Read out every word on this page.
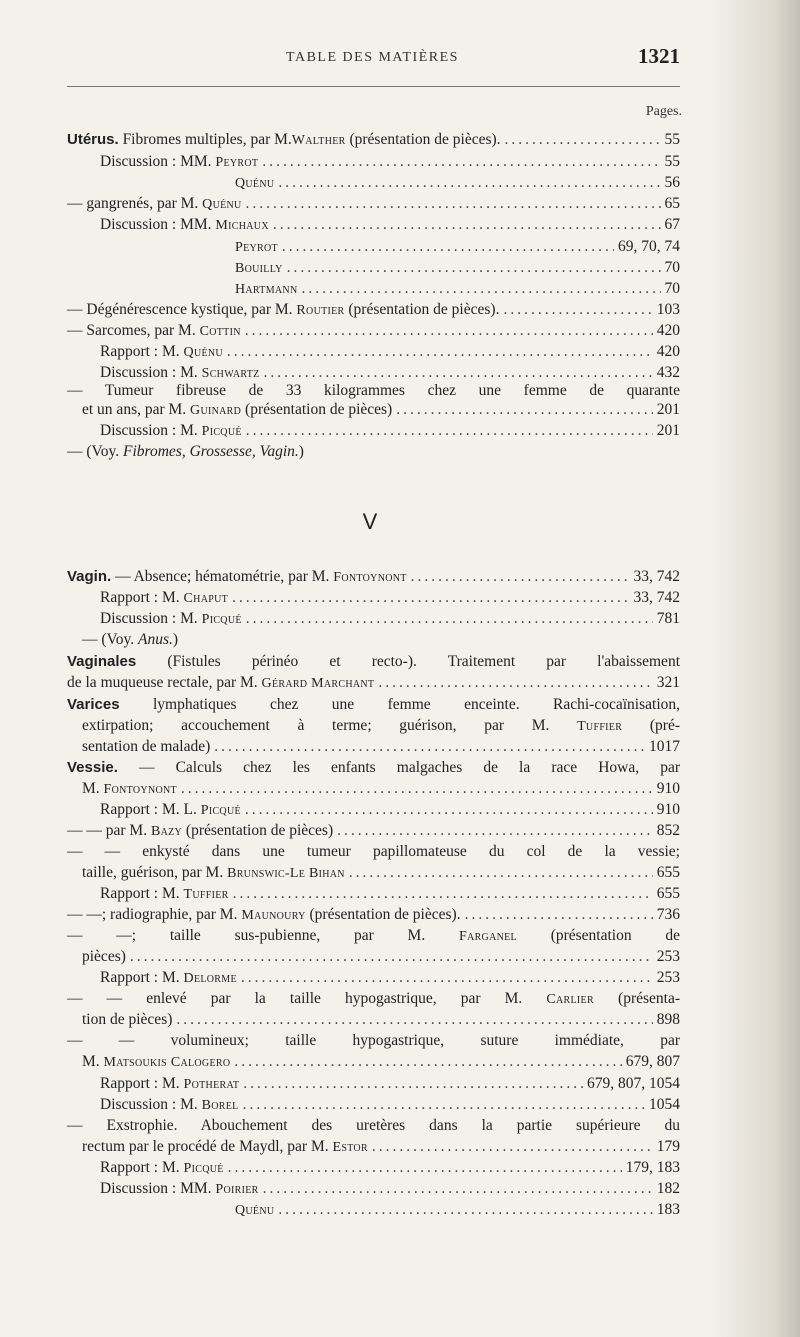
TABLE DES MATIÈRES	1321
Pages.
V
Utérus. Fibromes multiples, par M.Walther (présentation de pièces). .....	55
Discussion : MM. Peyrot .....	55
Quénu .....	56
— gangrenés, par M. Quénu .....	65
Discussion : MM. Michaux .....	67
Peyrot .....	69, 70, 74
Bouilly .....	70
Hartmann .....	70
— Dégénérescence kystique, par M. Routier (présentation de pièces). .....	103
— Sarcomes, par M. Cottin .....	420
Rapport : M. Quénu .....	420
Discussion : M. Schwartz .....	432
— Tumeur fibreuse de 33 kilogrammes chez une femme de quarante
et un ans, par M. Guinard (présentation de pièces) .....	201
Discussion : M. Picqué .....	201
— (Voy. Fibromes, Grossesse, Vagin.)
Vagin. — Absence; hématométrie, par M. Fontoynont .....	33, 742
Rapport : M. Chaput .....	33, 742
Discussion : M. Picqué .....	781
— (Voy. Anus.)
Vaginales (Fistules périnéo et recto-). Traitement par l'abaissement
de la muqueuse rectale, par M. Gérard Marchant .....	321
Varices lymphatiques chez une femme enceinte. Rachi-cocaïnisation,
extirpation; accouchement à terme; guérison, par M. Tuffier (pré-
sentation de malade) .....	1017
Vessie. — Calculs chez les enfants malgaches de la race Howa, par
M. Fontoynont .....	910
Rapport : M. L. Picqué .....	910
— — par M. Bazy (présentation de pièces) .....	852
— — enkysté dans une tumeur papillomateuse du col de la vessie;
taille, guérison, par M. Brunswic-Le Bihan .....	655
Rapport : M. Tuffier .....	655
— —; radiographie, par M. Maunoury (présentation de pièces). .....	736
— —; taille sus-pubienne, par M. Farganel (présentation de
pièces) .....	253
Rapport : M. Delorme .....	253
— — enlevé par la taille hypogastrique, par M. Carlier (présenta-
tion de pièces) .....	898
— — volumineux; taille hypogastrique, suture immédiate, par
M. Matsoukis Calogero .....	679, 807
Rapport : M. Potherat .....	679, 807, 1054
Discussion : M. Borel .....	1054
— Exstrophie. Abouchement des uretères dans la partie supérieure du
rectum par le procédé de Maydl, par M. Estor .....	179
Rapport : M. Picqué .....	179, 183
Discussion : MM. Poirier .....	182
Quénu .....	183
